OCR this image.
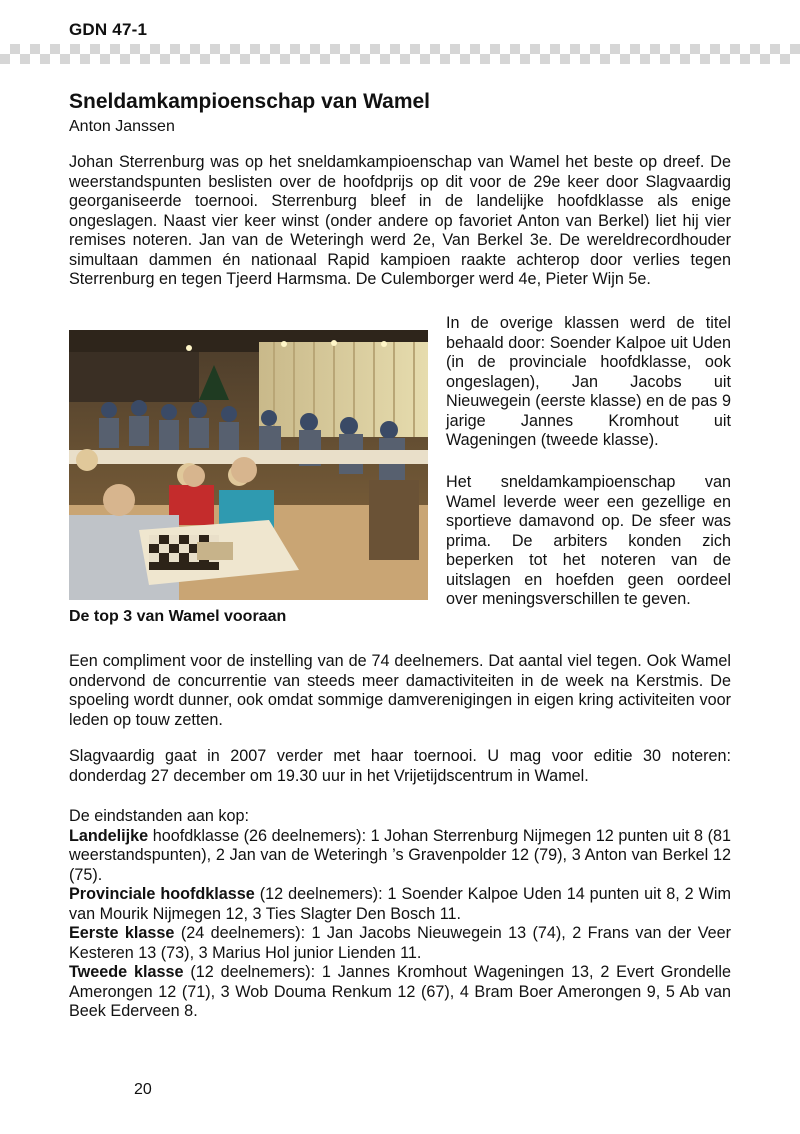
GDN 47-1
Sneldamkampioenschap van Wamel
Anton Janssen

Johan Sterrenburg was op het sneldamkampioenschap van Wamel het beste op dreef. De weerstandspunten beslisten over de hoofdprijs op dit voor de 29e keer door Slagvaardig georganiseerde toernooi. Sterrenburg bleef in de landelijke hoofdklasse als enige ongeslagen. Naast vier keer winst (onder andere op favoriet Anton van Berkel) liet hij vier remises noteren. Jan van de Weteringh werd 2e, Van Berkel 3e. De wereldrecordhouder simultaan dammen én nationaal Rapid kampioen raakte achterop door verlies tegen Sterrenburg en tegen Tjeerd Harmsma. De Culemborger werd 4e, Pieter Wijn 5e.

De top 3 van Wamel vooraan

In de overige klassen werd de titel behaald door: Soender Kalpoe uit Uden (in de provinciale hoofdklasse, ook ongeslagen), Jan Jacobs uit Nieuwegein (eerste klasse) en de pas 9 jarige Jannes Kromhout uit Wageningen (tweede klasse).

Het sneldamkampioenschap van Wamel leverde weer een gezellige en sportieve damavond op. De sfeer was prima. De arbiters konden zich beperken tot het noteren van de uitslagen en hoefden geen oordeel over meningsverschillen te geven.

Een compliment voor de instelling van de 74 deelnemers. Dat aantal viel tegen. Ook Wamel ondervond de concurrentie van steeds meer damactiviteiten in de week na Kerstmis. De spoeling wordt dunner, ook omdat sommige damverenigingen in eigen kring activiteiten voor leden op touw zetten.

Slagvaardig gaat in 2007 verder met haar toernooi. U mag voor editie 30 noteren: donderdag 27 december om 19.30 uur in het Vrijetijdscentrum in Wamel.

De eindstanden aan kop:

Landelijke hoofdklasse (26 deelnemers): 1 Johan Sterrenburg Nijmegen 12 punten uit 8 (81 weerstandspunten), 2 Jan van de Weteringh ’s Gravenpolder 12 (79), 3 Anton van Berkel 12 (75).

Provinciale hoofdklasse (12 deelnemers): 1 Soender Kalpoe Uden 14 punten uit 8, 2 Wim van Mourik Nijmegen 12, 3 Ties Slagter Den Bosch 11.

Eerste klasse (24 deelnemers): 1 Jan Jacobs Nieuwegein 13 (74), 2 Frans van der Veer Kesteren 13 (73), 3 Marius Hol junior Lienden 11.

Tweede klasse (12 deelnemers): 1 Jannes Kromhout Wageningen 13, 2 Evert Grondelle Amerongen 12 (71), 3 Wob Douma Renkum 12 (67), 4 Bram Boer Amerongen 9, 5 Ab van Beek Ederveen 8.

20
